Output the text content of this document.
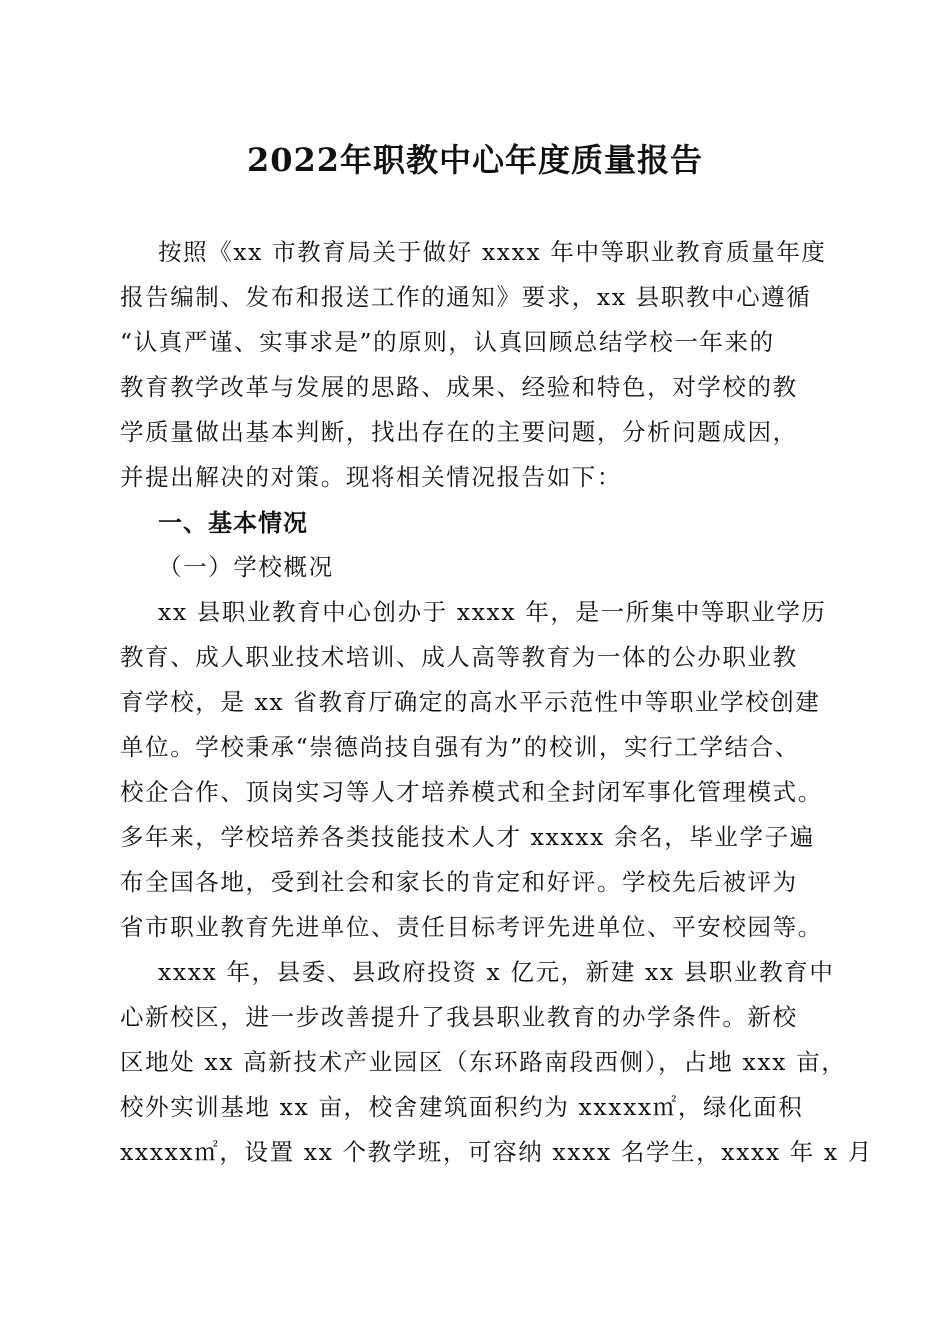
2022年职教中心年度质量报告
按照《xx 市教育局关于做好 xxxx 年中等职业教育质量年度
报告编制、发布和报送工作的通知》要求，xx 县职教中心遵循
“认真严谨、实事求是”的原则，认真回顾总结学校一年来的
教育教学改革与发展的思路、成果、经验和特色，对学校的教
学质量做出基本判断，找出存在的主要问题，分析问题成因，
并提出解决的对策。现将相关情况报告如下：
一、基本情况
（一）学校概况
xx 县职业教育中心创办于 xxxx 年，是一所集中等职业学历
教育、成人职业技术培训、成人高等教育为一体的公办职业教
育学校，是 xx 省教育厅确定的高水平示范性中等职业学校创建
单位。学校秉承“崇德尚技自强有为”的校训，实行工学结合、
校企合作、顶岗实习等人才培养模式和全封闭军事化管理模式。
多年来，学校培养各类技能技术人才 xxxxx 余名，毕业学子遍
布全国各地，受到社会和家长的肯定和好评。学校先后被评为
省市职业教育先进单位、责任目标考评先进单位、平安校园等。
xxxx 年，县委、县政府投资 x 亿元，新建 xx 县职业教育中
心新校区，进一步改善提升了我县职业教育的办学条件。新校
区地处 xx 高新技术产业园区（东环路南段西侧），占地 xxx 亩，
校外实训基地 xx 亩，校舍建筑面积约为 xxxxx㎡，绿化面积
xxxxx㎡，设置 xx 个教学班，可容纳 xxxx 名学生，xxxx 年 x 月
